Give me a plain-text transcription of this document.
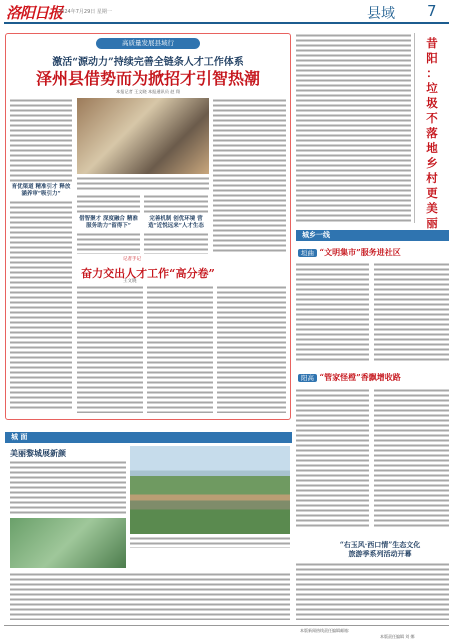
洛阳日报
2024年7月29日 星期一	县域 7
高质量发展县域行
激活“源动力”持续完善全链条人才工作体系
泽州县借势而为掀招才引智热潮
本报记者 王文晓 本报通讯员 赵 翔
育优渠道 精准引才 释放涵养审“吸引力”
借智聚才 深度融合 精准服务助力“留得下”
完善机制 创优环境 营造“近悦远来”人才生态
记者手记
奋力交出人才工作“高分卷”
王文晓
昔
阳
：
垃
圾
不
落
地
乡
村
更
美
丽
城乡一线
垣曲 “文明集市”服务进社区
阳高 “管家怪樘”香飘增收路
城 面
美丽黎城展新颜
“右玉风·西口情”生态文化
旅游季系列活动开幕
本版新闻热线责任编辑邮箱:
本版责任编辑 刘 娜
